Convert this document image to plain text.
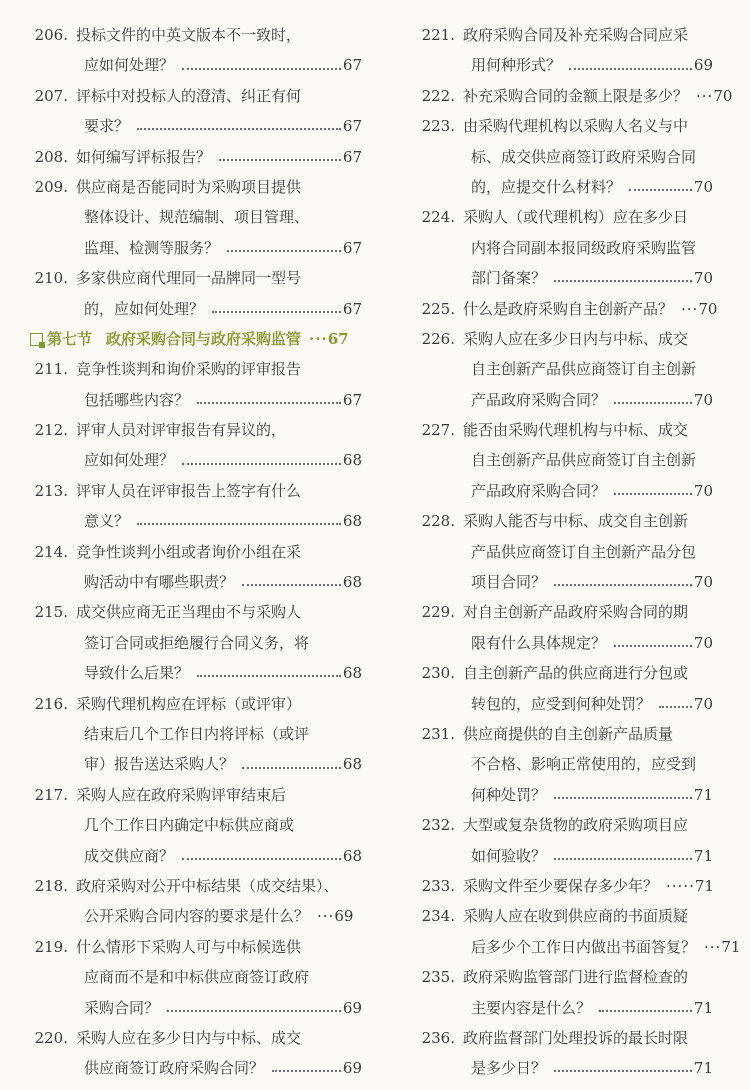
206. 投标文件的中英文版本不一致时，
应如何处理？	67
207. 评标中对投标人的澄清、纠正有何
要求？	67
208. 如何编写评标报告？	67
209. 供应商是否能同时为采购项目提供
整体设计、规范编制、项目管理、
监理、检测等服务？	67
210. 多家供应商代理同一品牌同一型号
的，应如何处理？	67
第七节 政府采购合同与政府采购监管 ··· 67
211. 竞争性谈判和询价采购的评审报告
包括哪些内容？	67
212. 评审人员对评审报告有异议的，
应如何处理？	68
213. 评审人员在评审报告上签字有什么
意义？	68
214. 竞争性谈判小组或者询价小组在采
购活动中有哪些职责？	68
215. 成交供应商无正当理由不与采购人
签订合同或拒绝履行合同义务，将
导致什么后果？	68
216. 采购代理机构应在评标（或评审）
结束后几个工作日内将评标（或评
审）报告送达采购人？	68
217. 采购人应在政府采购评审结束后
几个工作日内确定中标供应商或
成交供应商？	68
218. 政府采购对公开中标结果（成交结果）、
公开采购合同内容的要求是什么？ ··· 69
219. 什么情形下采购人可与中标候选供
应商而不是和中标供应商签订政府
采购合同？	69
220. 采购人应在多少日内与中标、成交
供应商签订政府采购合同？	69
221. 政府采购合同及补充采购合同应采
用何种形式？	69
222. 补充采购合同的金额上限是多少？ ··· 70
223. 由采购代理机构以采购人名义与中
标、成交供应商签订政府采购合同
的，应提交什么材料？	70
224. 采购人（或代理机构）应在多少日
内将合同副本报同级政府采购监管
部门备案？	70
225. 什么是政府采购自主创新产品？ ··· 70
226. 采购人应在多少日内与中标、成交
自主创新产品供应商签订自主创新
产品政府采购合同？	70
227. 能否由采购代理机构与中标、成交
自主创新产品供应商签订自主创新
产品政府采购合同？	70
228. 采购人能否与中标、成交自主创新
产品供应商签订自主创新产品分包
项目合同？	70
229. 对自主创新产品政府采购合同的期
限有什么具体规定？	70
230. 自主创新产品的供应商进行分包或
转包的，应受到何种处罚？	70
231. 供应商提供的自主创新产品质量
不合格、影响正常使用的，应受到
何种处罚？	71
232. 大型或复杂货物的政府采购项目应
如何验收？	71
233. 采购文件至少要保存多少年？ ····· 71
234. 采购人应在收到供应商的书面质疑
后多少个工作日内做出书面答复？ ··· 71
235. 政府采购监管部门进行监督检查的
主要内容是什么？	71
236. 政府监督部门处理投诉的最长时限
是多少日？	71
